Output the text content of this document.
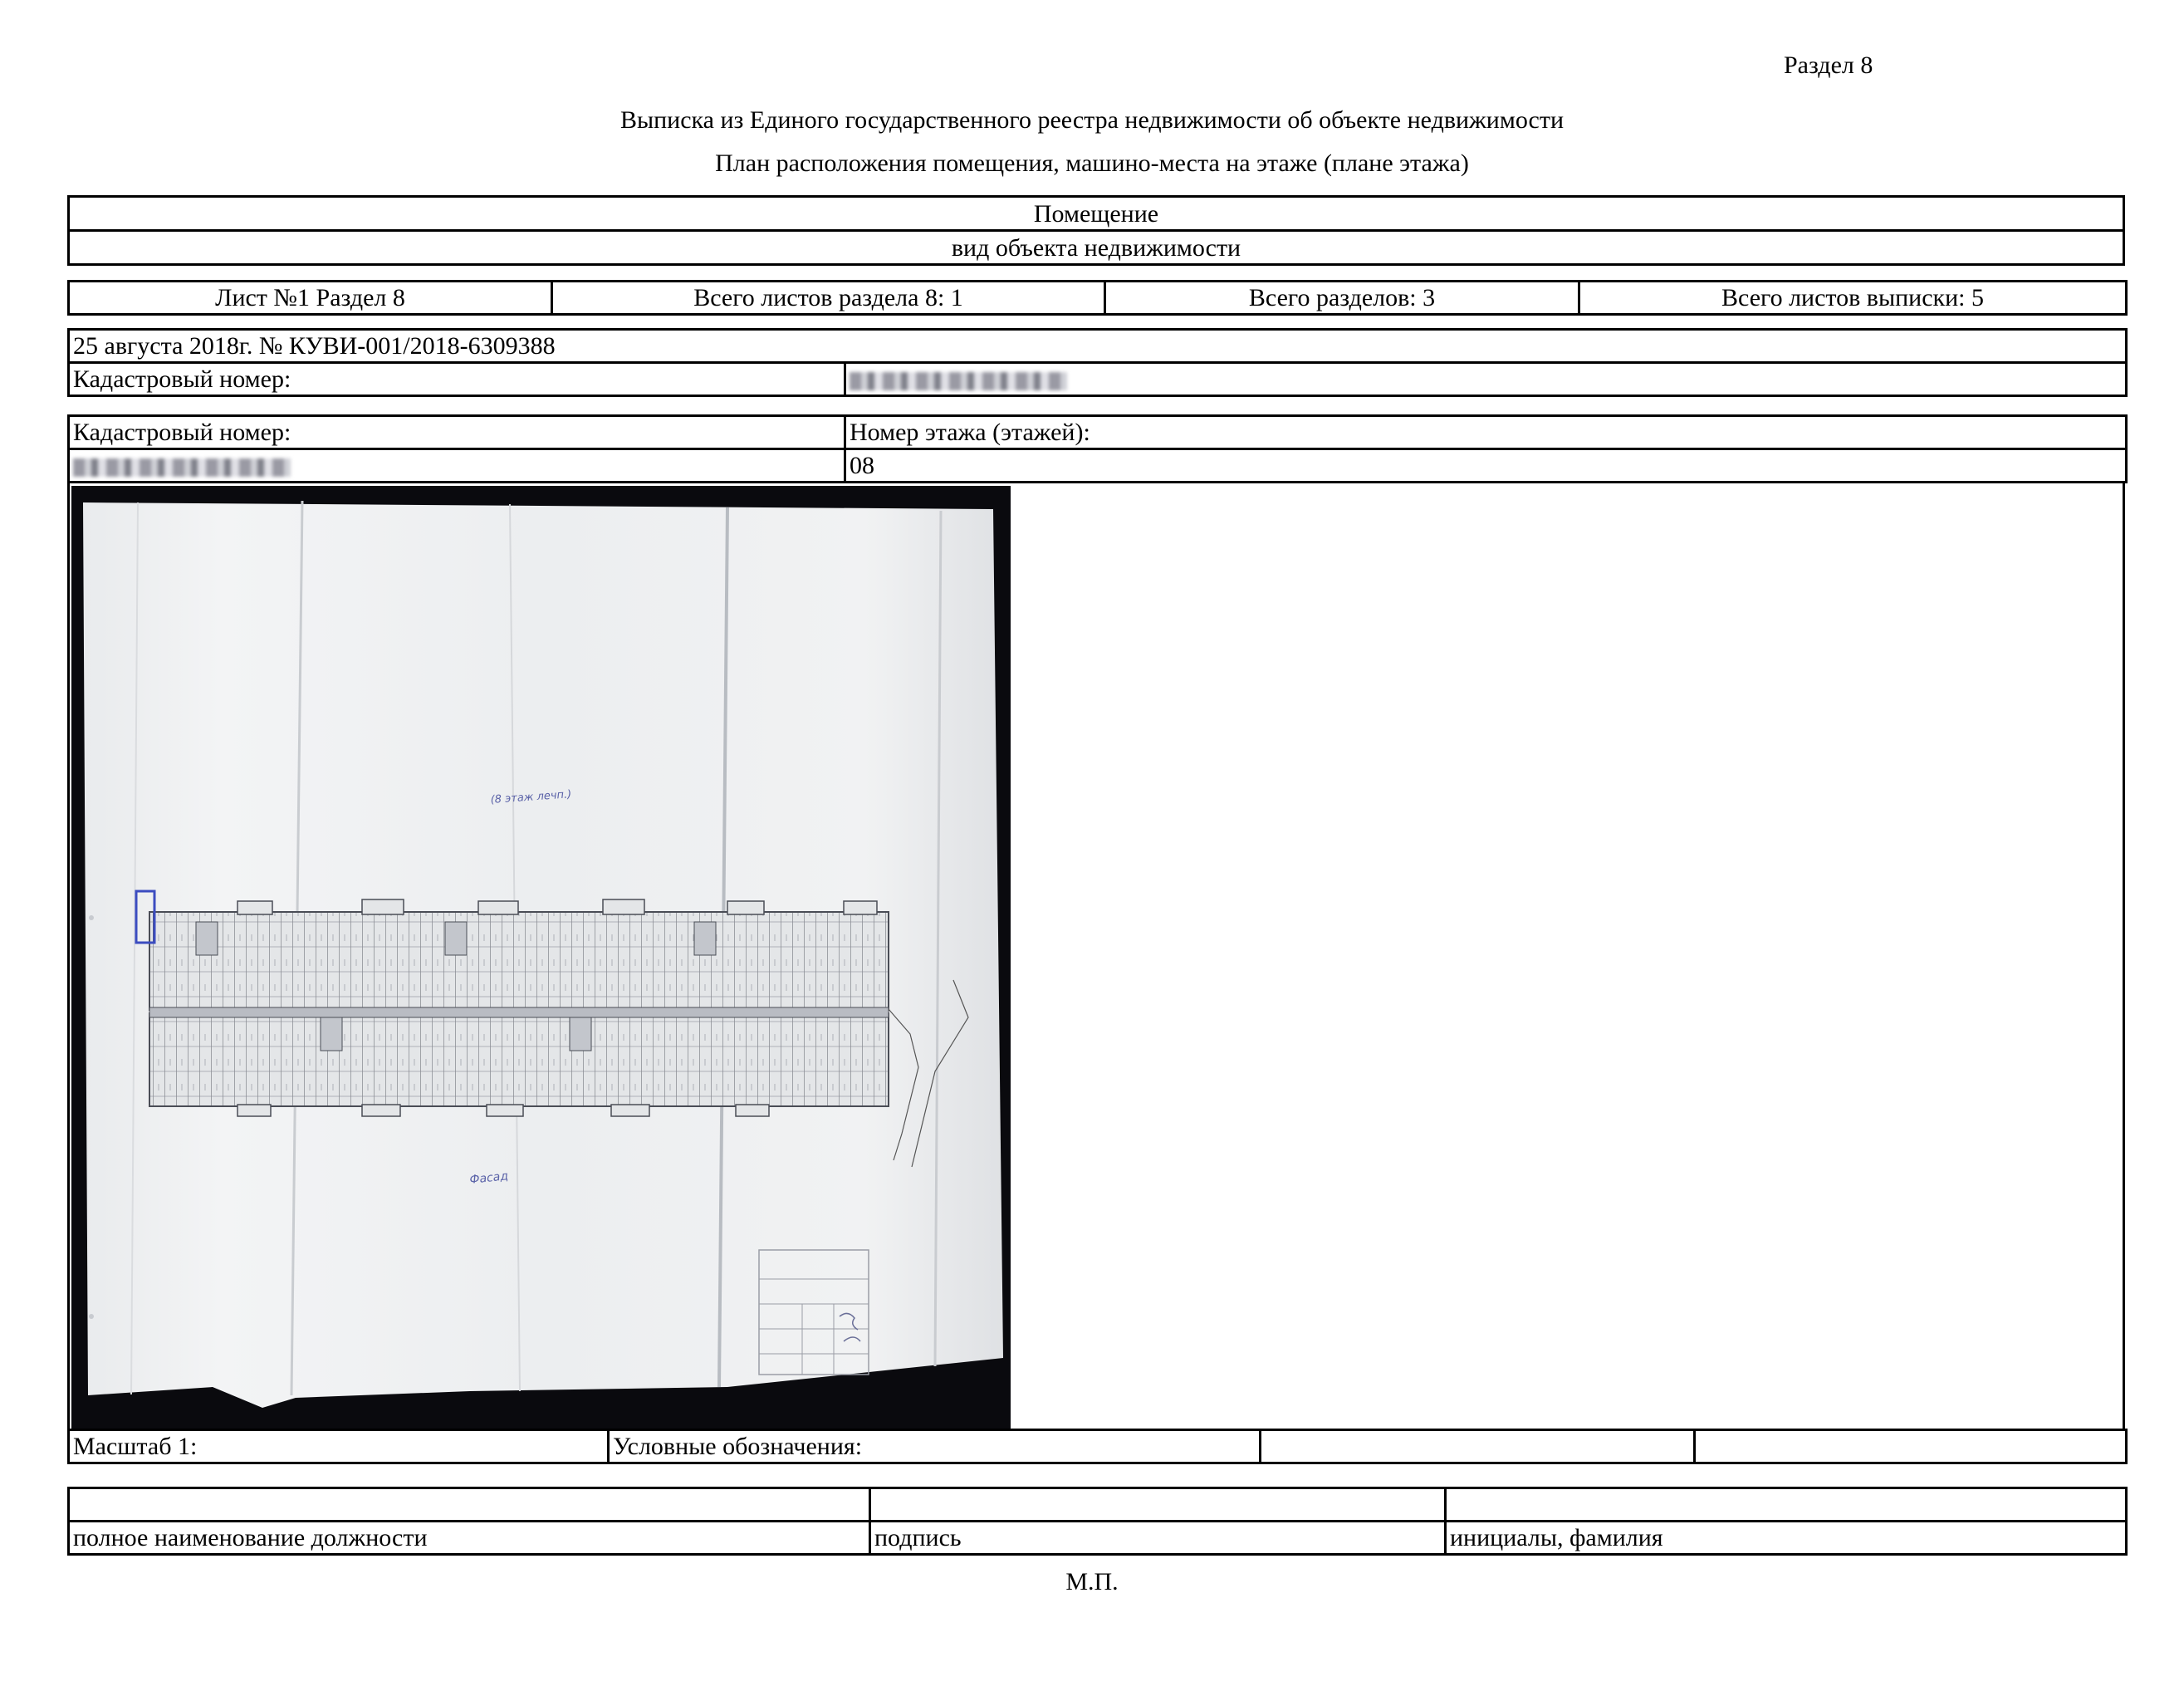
Раздел 8
Выписка из Единого государственного реестра недвижимости об объекте недвижимости
План расположения помещения, машино-места на этаже (плане этажа)
Помещение
вид объекта недвижимости
Лист №1 Раздел 8	Всего листов раздела 8: 1	Всего разделов: 3	Всего листов выписки: 5
25 августа 2018г. № КУВИ-001/2018-6309388
Кадастровый номер:	
Кадастровый номер:	Номер этажа (этажей):
	08
(8 этаж лечп.)
Фасад
Масштаб 1:	Условные обозначения:		

полное наименование должности	подпись	инициалы, фамилия
М.П.
